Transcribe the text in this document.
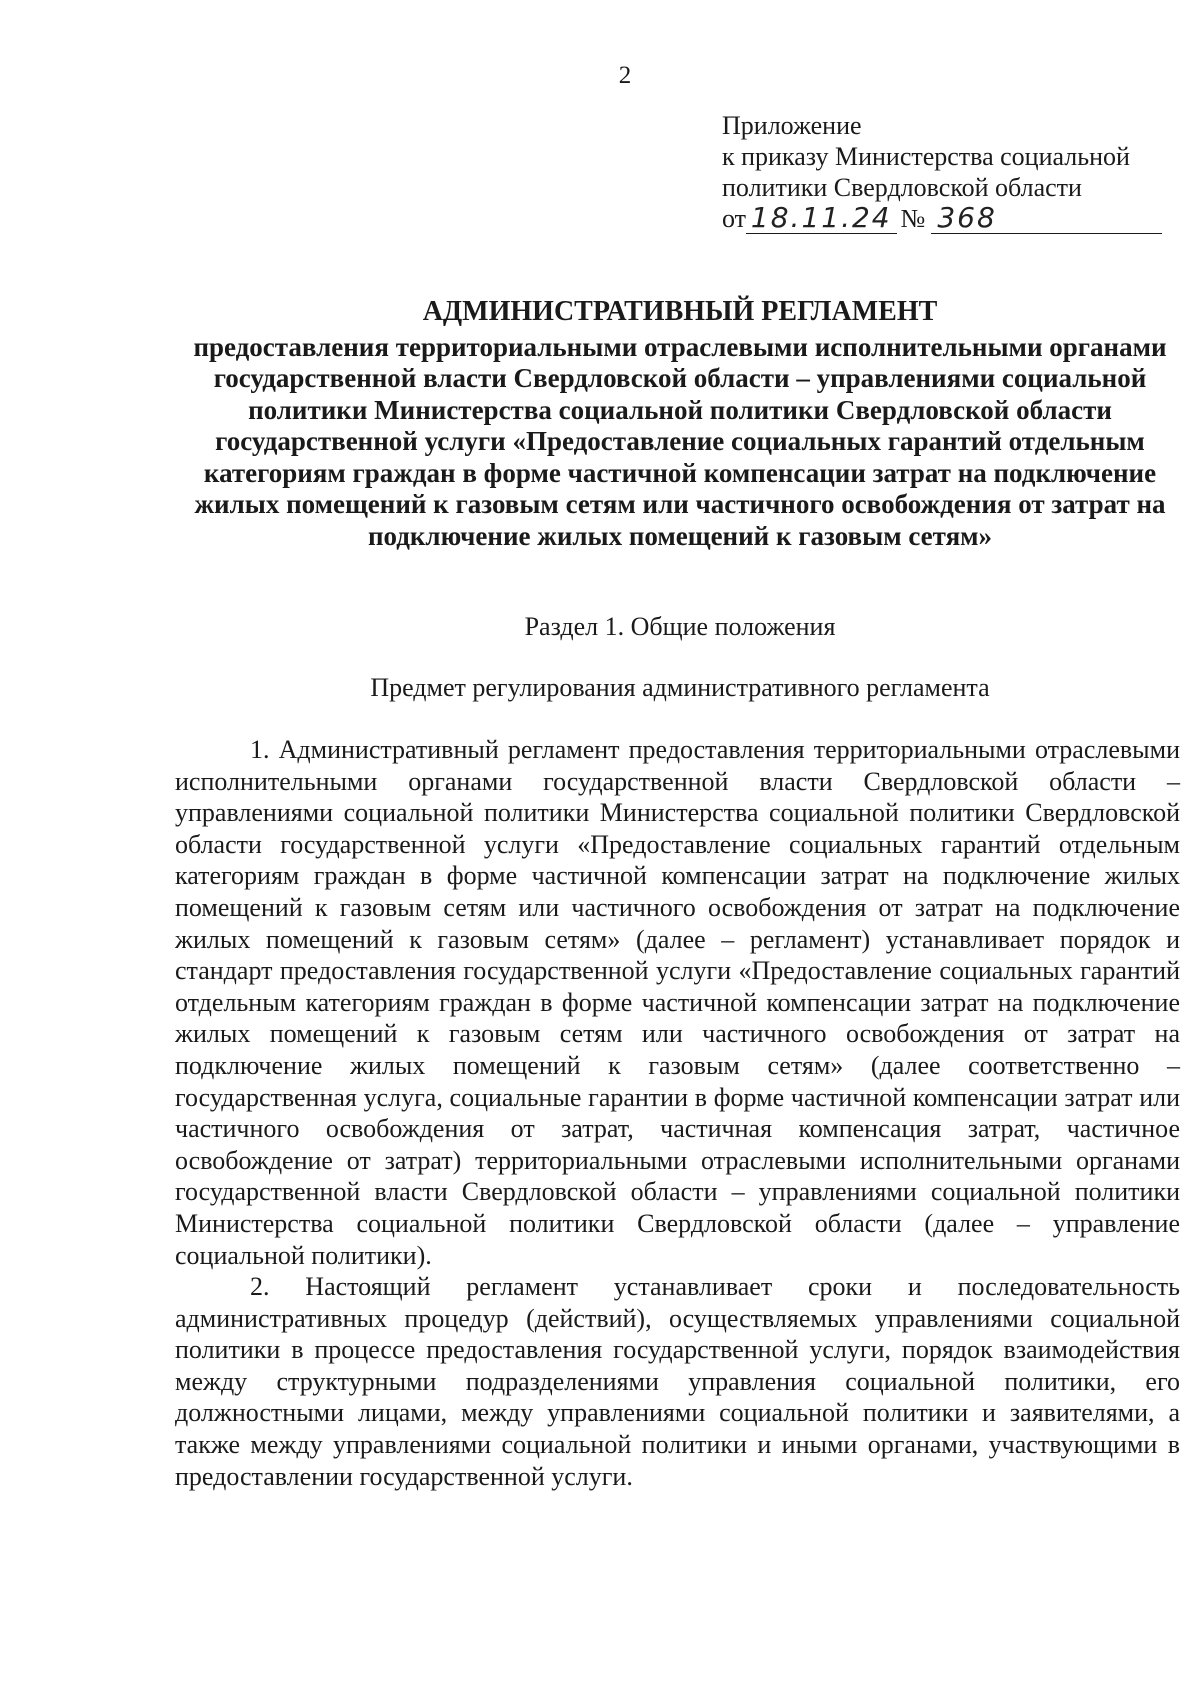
2
Приложение
к приказу Министерства социальной
политики Свердловской области
от 18.11.24 № 368
АДМИНИСТРАТИВНЫЙ РЕГЛАМЕНТ
предоставления территориальными отраслевыми исполнительными органами государственной власти Свердловской области – управлениями социальной политики Министерства социальной политики Свердловской области государственной услуги «Предоставление социальных гарантий отдельным категориям граждан в форме частичной компенсации затрат на подключение жилых помещений к газовым сетям или частичного освобождения от затрат на подключение жилых помещений к газовым сетям»
Раздел 1. Общие положения
Предмет регулирования административного регламента

1. Административный регламент предоставления территориальными отраслевыми исполнительными органами государственной власти Свердловской области – управлениями социальной политики Министерства социальной политики Свердловской области государственной услуги «Предоставление социальных гарантий отдельным категориям граждан в форме частичной компенсации затрат на подключение жилых помещений к газовым сетям или частичного освобождения от затрат на подключение жилых помещений к газовым сетям» (далее – регламент) устанавливает порядок и стандарт предоставления государственной услуги «Предоставление социальных гарантий отдельным категориям граждан в форме частичной компенсации затрат на подключение жилых помещений к газовым сетям или частичного освобождения от затрат на подключение жилых помещений к газовым сетям» (далее соответственно – государственная услуга, социальные гарантии в форме частичной компенсации затрат или частичного освобождения от затрат, частичная компенсация затрат, частичное освобождение от затрат) территориальными отраслевыми исполнительными органами государственной власти Свердловской области – управлениями социальной политики Министерства социальной политики Свердловской области (далее – управление социальной политики).

2. Настоящий регламент устанавливает сроки и последовательность административных процедур (действий), осуществляемых управлениями социальной политики в процессе предоставления государственной услуги, порядок взаимодействия между структурными подразделениями управления социальной политики, его должностными лицами, между управлениями социальной политики и заявителями, а также между управлениями социальной политики и иными органами, участвующими в предоставлении государственной услуги.
